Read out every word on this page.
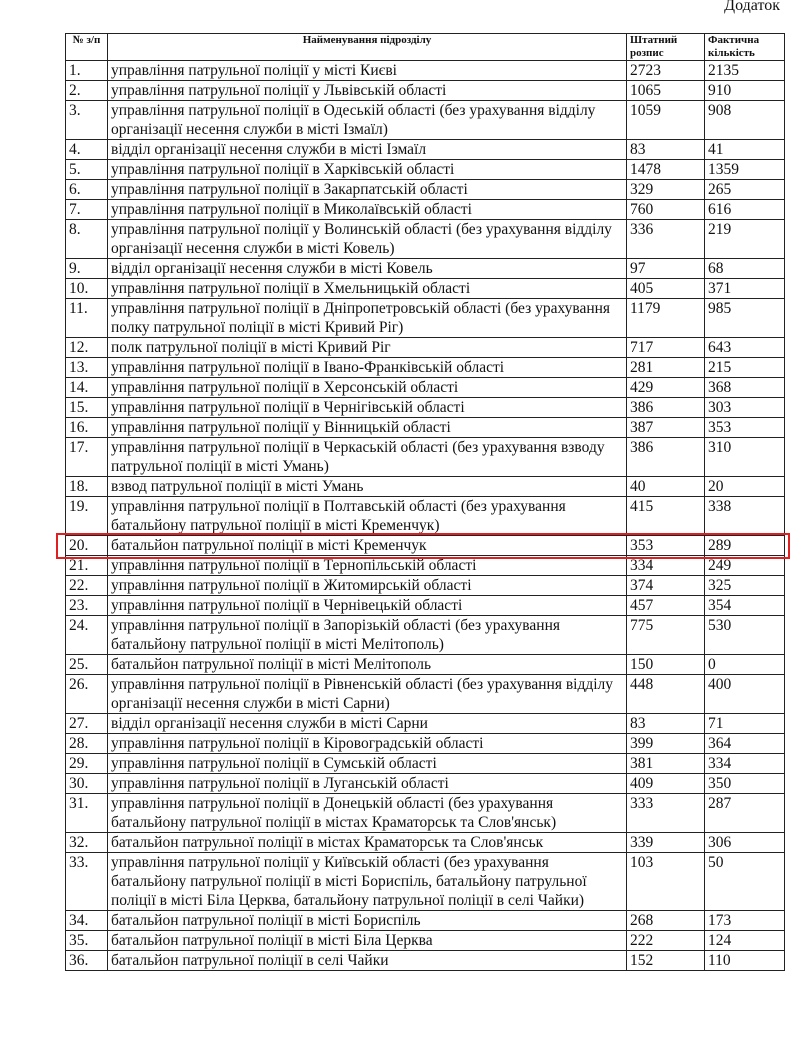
Додаток
№ з/п	Найменування підрозділу	Штатний розпис	Фактична кількість
1.	управління патрульної поліції у місті Києві	2723	2135
2.	управління патрульної поліції у Львівській області	1065	910
3.	управління патрульної поліції в Одеській області (без урахування відділу організації несення служби в місті Ізмаїл)	1059	908
4.	відділ організації несення служби в місті Ізмаїл	83	41
5.	управління патрульної поліції в Харківській області	1478	1359
6.	управління патрульної поліції в Закарпатській області	329	265
7.	управління патрульної поліції в Миколаївській області	760	616
8.	управління патрульної поліції у Волинській області (без урахування відділу організації несення служби в місті Ковель)	336	219
9.	відділ організації несення служби в місті Ковель	97	68
10.	управління патрульної поліції в Хмельницькій області	405	371
11.	управління патрульної поліції в Дніпропетровській області (без урахування полку патрульної поліції в місті Кривий Ріг)	1179	985
12.	полк патрульної поліції в місті Кривий Ріг	717	643
13.	управління патрульної поліції в Івано-Франківській області	281	215
14.	управління патрульної поліції в Херсонській області	429	368
15.	управління патрульної поліції в Чернігівській області	386	303
16.	управління патрульної поліції у Вінницькій області	387	353
17.	управління патрульної поліції в Черкаській області (без урахування взводу патрульної поліції в місті Умань)	386	310
18.	взвод патрульної поліції в місті Умань	40	20
19.	управління патрульної поліції в Полтавській області (без урахування батальйону патрульної поліції в місті Кременчук)	415	338
20.	батальйон патрульної поліції в місті Кременчук	353	289
21.	управління патрульної поліції в Тернопільській області	334	249
22.	управління патрульної поліції в Житомирській області	374	325
23.	управління патрульної поліції в Чернівецькій області	457	354
24.	управління патрульної поліції в Запорізькій області (без урахування батальйону патрульної поліції в місті Мелітополь)	775	530
25.	батальйон патрульної поліції в місті Мелітополь	150	0
26.	управління патрульної поліції в Рівненській області (без урахування відділу організації несення служби в місті Сарни)	448	400
27.	відділ організації несення служби в місті Сарни	83	71
28.	управління патрульної поліції в Кіровоградській області	399	364
29.	управління патрульної поліції в Сумській області	381	334
30.	управління патрульної поліції в Луганській області	409	350
31.	управління патрульної поліції в Донецькій області (без урахування батальйону патрульної поліції в містах Краматорськ та Слов'янськ)	333	287
32.	батальйон патрульної поліції в містах Краматорськ та Слов'янськ	339	306
33.	управління патрульної поліції у Київській області (без урахування батальйону патрульної поліції в місті Бориспіль, батальйону патрульної поліції в місті Біла Церква, батальйону патрульної поліції в селі Чайки)	103	50
34.	батальйон патрульної поліції в місті Бориспіль	268	173
35.	батальйон патрульної поліції в місті Біла Церква	222	124
36.	батальйон патрульної поліції в селі Чайки	152	110
